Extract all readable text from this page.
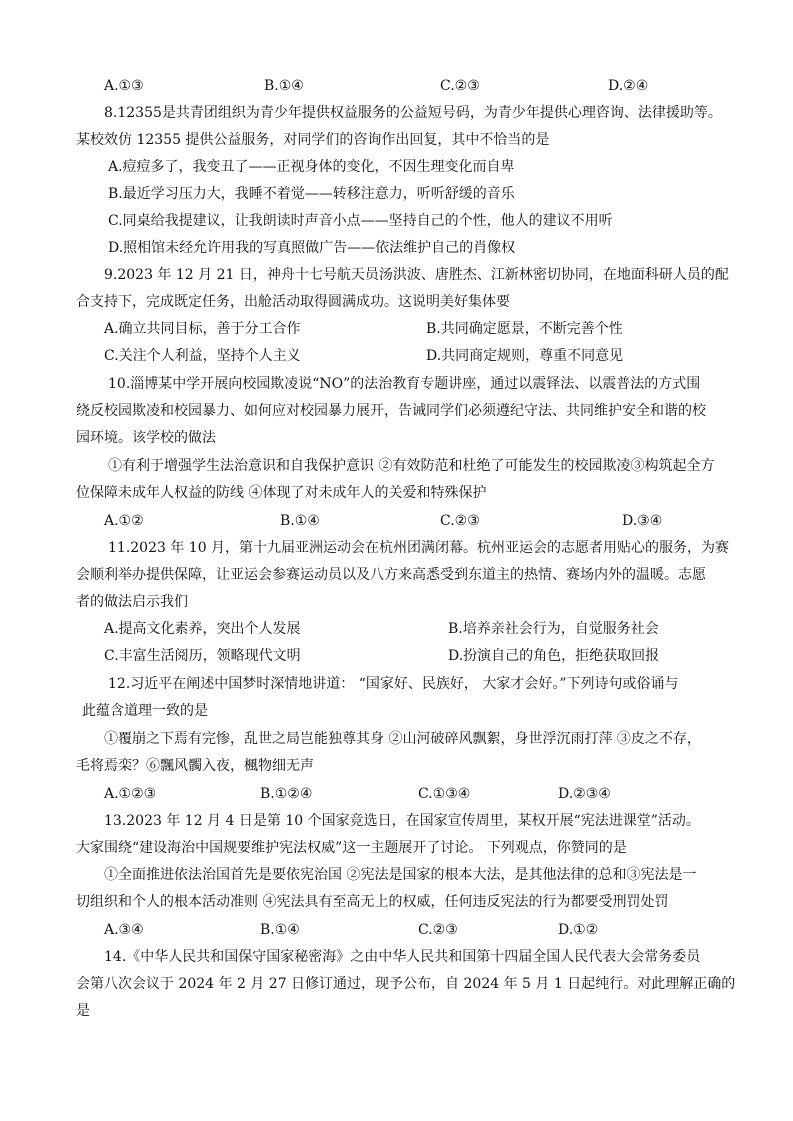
A.①③	B.①④	C.②③	D.②④
8.12355是共青团组织为青少年提供权益服务的公益短号码，为青少年提供心理咨询、法律援助等。
某校效仿 12355 提供公益服务，对同学们的咨询作出回复，其中不恰当的是
A.痘痘多了，我变丑了——正视身体的变化，不因生理变化而自卑
B.最近学习压力大，我睡不着觉——转移注意力，听听舒缓的音乐
C.同桌给我提建议，让我朗读时声音小点——坚持自己的个性，他人的建议不用听
D.照相馆未经允许用我的写真照做广告——依法维护自己的肖像权
9.2023 年 12 月 21 日，神舟十七号航天员汤洪波、唐胜杰、江新林密切协同，在地面科研人员的配
合支持下，完成既定任务，出舱活动取得圆满成功。这说明美好集体要
A.确立共同目标，善于分工合作	B.共同确定愿景，不断完善个性
C.关注个人利益，坚持个人主义	D.共同商定规则，尊重不同意见
10.淄博某中学开展向校园欺凌说“NO”的法治教育专题讲座，通过以震铎法、以震普法的方式围
绕反校园欺凌和校园暴力、如何应对校园暴力展开，告诫同学们必须遵纪守法、共同维护安全和谐的校
园环境。该学校的做法
①有利于增强学生法治意识和自我保护意识 ②有效防范和杜绝了可能发生的校园欺凌③构筑起全方
位保障未成年人权益的防线 ④体现了对未成年人的关爱和特殊保护
A.①②	B.①④	C.②③	D.③④
11.2023 年 10 月，第十九届亚洲运动会在杭州团满闭幕。杭州亚运会的志愿者用贴心的服务，为赛
会顺利举办提供保障，让亚运会参赛运动员以及八方来高悉受到东道主的热情、赛场内外的温暖。志愿
者的做法启示我们
A.提高文化素养，突出个人发展	B.培养亲社会行为，自觉服务社会
C.丰富生活阅历，领略现代文明	D.扮演自己的角色，拒绝获取回报
12.习近平在阐述中国梦时深情地讲道： “国家好、民族好， 大家才会好。”下列诗句或俗诵与
此蕴含道理一致的是
①覆崩之下焉有完惨，乱世之局岂能独尊其身 ②山河破碎风飘絮，身世浮沉雨打萍 ③皮之不存，
毛将焉栾？⑥飄风髑入夜，楓物细无声
A.①②③	B.①②④	C.①③④	D.②③④
13.2023 年 12 月 4 日是第 10 个国家竞选日，在国家宣传周里，某权开展“宪法进课堂”活动。
大家围绕“建设海治中国规要维护宪法权威”这一主题展开了讨论。 下列观点，你赞同的是
①全面推进依法治国首先是要依宪治国 ②宪法是国家的根本大法，是其他法律的总和③宪法是一
切组织和个人的根本活动准则 ④宪法具有至高无上的权威，任何违反宪法的行为都要受刑罚处罚
A.③④	B.①④	C.②③	D.①②
14.《中华人民共和国保守国家秘密海》之由中华人民共和国第十四届全国人民代表大会常务委员
会第八次会议于 2024 年 2 月 27 日修订通过，现予公布，自 2024 年 5 月 1 日起纯行。对此理解正确的
是
